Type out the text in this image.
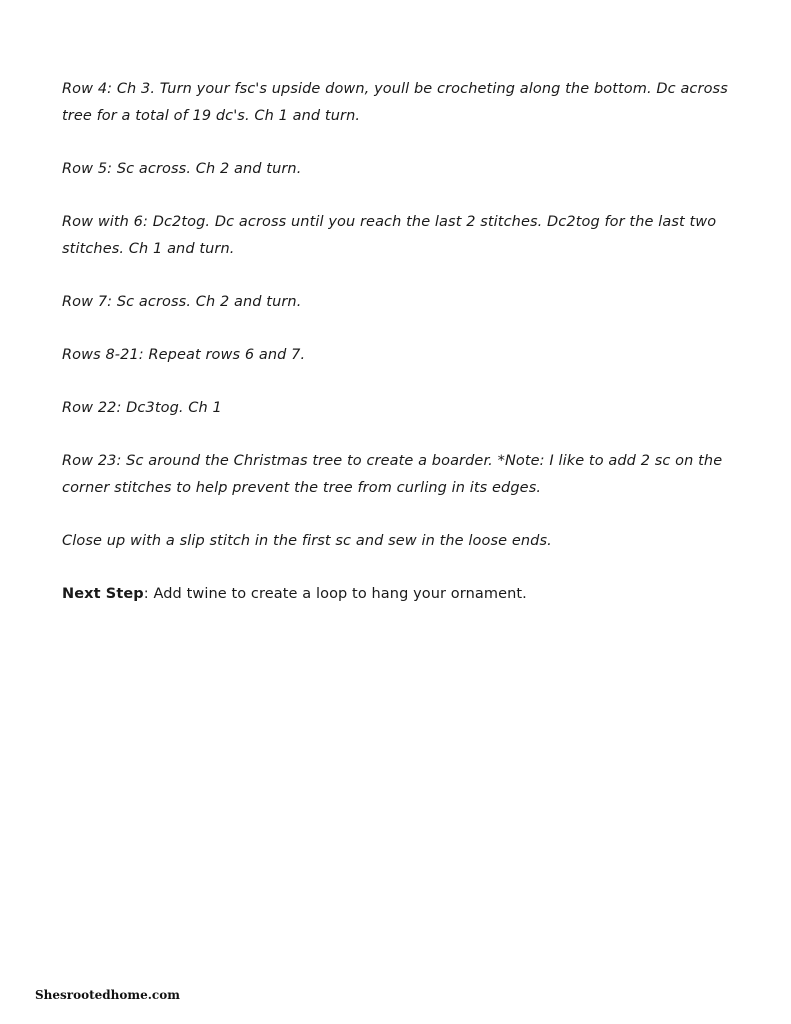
Row 4: Ch 3. Turn your fsc's upside down, youll be crocheting along the bottom. Dc across tree for a total of 19 dc's. Ch 1 and turn.

Row 5: Sc across. Ch 2 and turn.

Row with 6: Dc2tog. Dc across until you reach the last 2 stitches. Dc2tog for the last two stitches. Ch 1 and turn.

Row 7: Sc across. Ch 2 and turn.

Rows 8-21: Repeat rows 6 and 7.

Row 22: Dc3tog. Ch 1

Row 23: Sc around the Christmas tree to create a boarder. *Note: I like to add 2 sc on the corner stitches to help prevent the tree from curling in its edges.

Close up with a slip stitch in the first sc and sew in the loose ends.

Next Step: Add twine to create a loop to hang your ornament.

Shesrootedhome.com
